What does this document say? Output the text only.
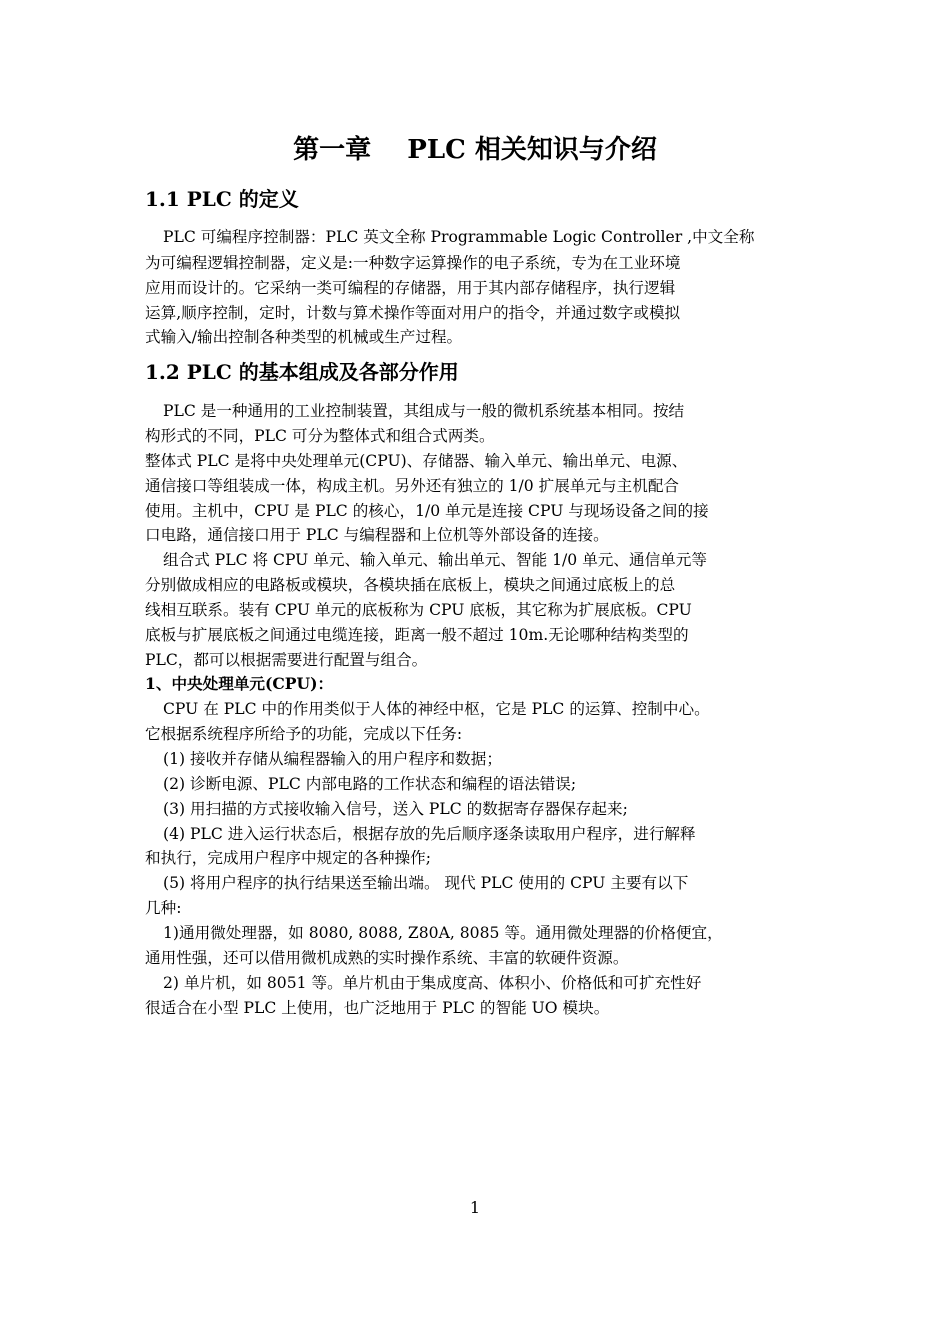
第一章    PLC 相关知识与介绍
1.1 PLC 的定义
PLC 可编程序控制器：PLC 英文全称 Programmable Logic Controller ,中文全称
为可编程逻辑控制器，定义是:一种数字运算操作的电子系统，专为在工业环境
应用而设计的。它采纳一类可编程的存储器，用于其内部存储程序，执行逻辑
运算,顺序控制，定时，计数与算术操作等面对用户的指令，并通过数字或模拟
式输入/输出控制各种类型的机械或生产过程。
1.2 PLC 的基本组成及各部分作用
PLC 是一种通用的工业控制装置，其组成与一般的微机系统基本相同。按结
构形式的不同，PLC 可分为整体式和组合式两类。
整体式 PLC 是将中央处理单元(CPU)、存储器、输入单元、输出单元、电源、
通信接口等组装成一体，构成主机。另外还有独立的 1/0 扩展单元与主机配合
使用。主机中，CPU 是 PLC 的核心，1/0 单元是连接 CPU 与现场设备之间的接
口电路，通信接口用于 PLC 与编程器和上位机等外部设备的连接。
组合式 PLC 将 CPU 单元、输入单元、输出单元、智能 1/0 单元、通信单元等
分别做成相应的电路板或模块，各模块插在底板上，模块之间通过底板上的总
线相互联系。装有 CPU 单元的底板称为 CPU 底板，其它称为扩展底板。CPU
底板与扩展底板之间通过电缆连接，距离一般不超过 10m.无论哪种结构类型的
PLC，都可以根据需要进行配置与组合。
1、中央处理单元(CPU)：
CPU 在 PLC 中的作用类似于人体的神经中枢，它是 PLC 的运算、控制中心。
它根据系统程序所给予的功能，完成以下任务:
(1) 接收并存储从编程器输入的用户程序和数据；
(2) 诊断电源、PLC 内部电路的工作状态和编程的语法错误;
(3) 用扫描的方式接收输入信号，送入 PLC 的数据寄存器保存起来;
(4) PLC 进入运行状态后，根据存放的先后顺序逐条读取用户程序，进行解释
和执行，完成用户程序中规定的各种操作;
(5) 将用户程序的执行结果送至输出端。 现代 PLC 使用的 CPU 主要有以下
几种:
1)通用微处理器，如 8080, 8088, Z80A, 8085 等。通用微处理器的价格便宜，
通用性强，还可以借用微机成熟的实时操作系统、丰富的软硬件资源。
2) 单片机，如 8051 等。单片机由于集成度高、体积小、价格低和可扩充性好
很适合在小型 PLC 上使用，也广泛地用于 PLC 的智能 UO 模块。
1
